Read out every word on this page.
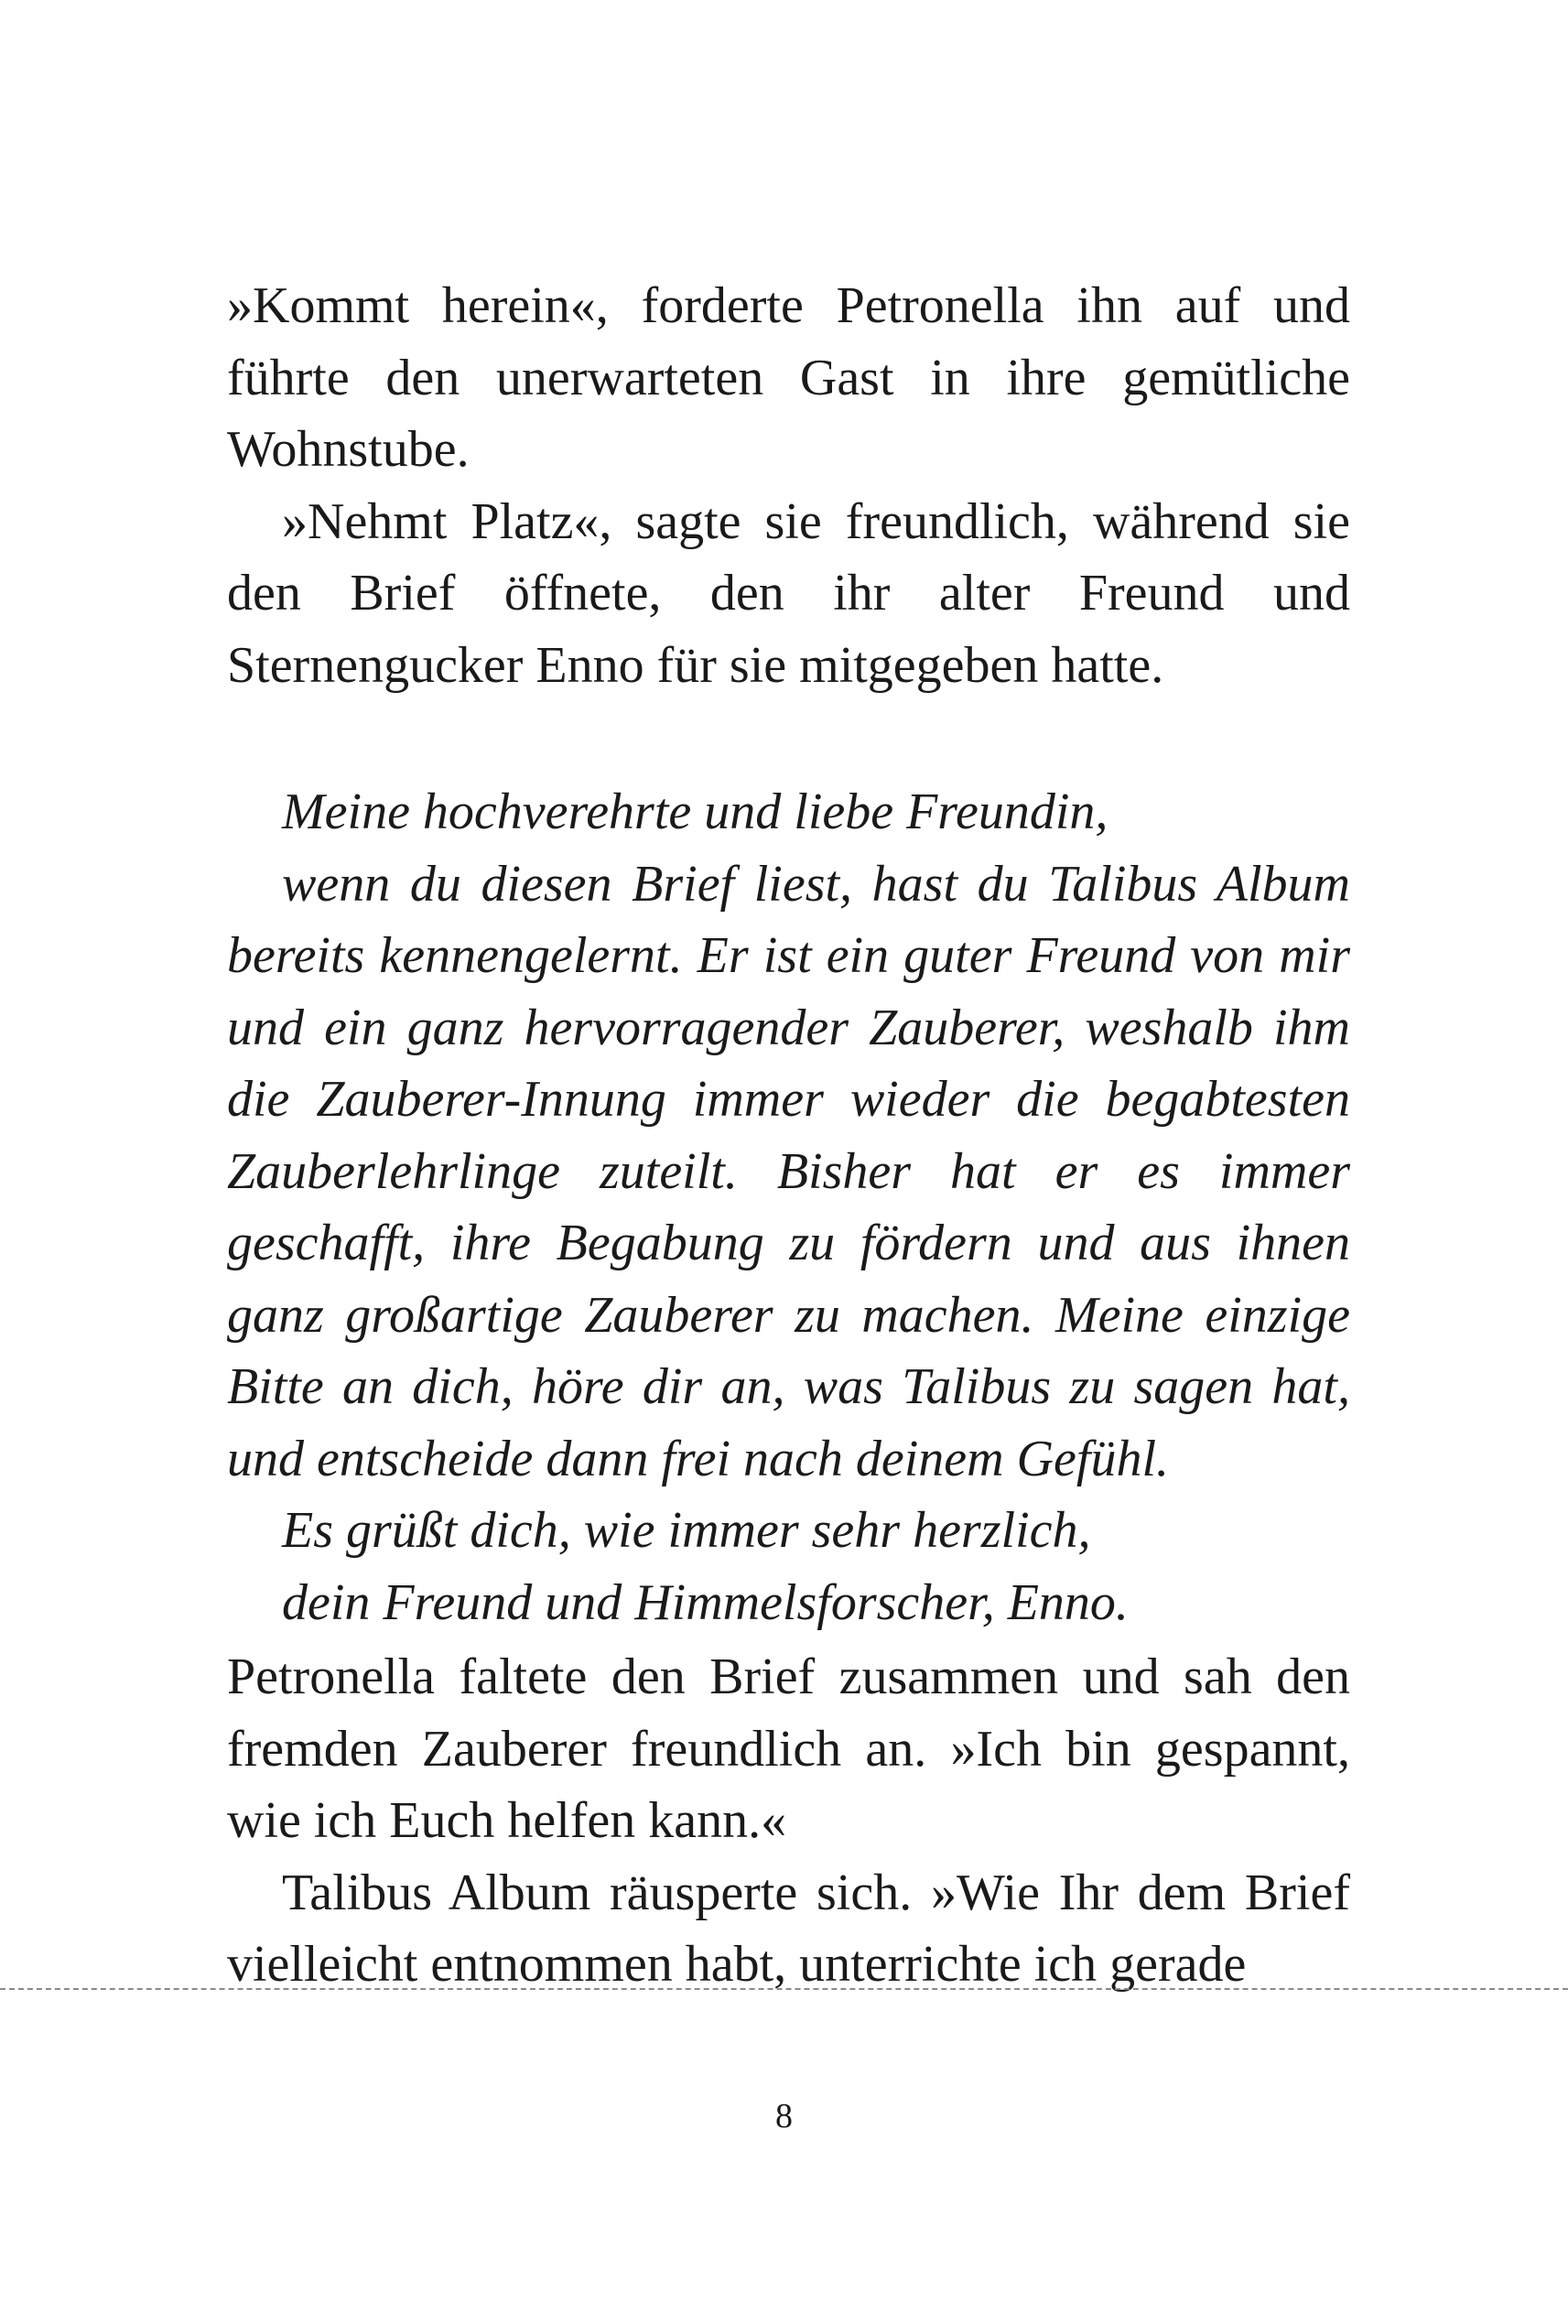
»Kommt herein«, forderte Petronella ihn auf und führte den unerwarteten Gast in ihre gemütliche Wohnstube.

»Nehmt Platz«, sagte sie freundlich, während sie den Brief öffnete, den ihr alter Freund und Sternengucker Enno für sie mitgegeben hatte.

Meine hochverehrte und liebe Freundin,

wenn du diesen Brief liest, hast du Talibus Album bereits kennengelernt. Er ist ein guter Freund von mir und ein ganz hervorragender Zauberer, weshalb ihm die Zauberer-Innung immer wieder die begabtesten Zauberlehrlinge zuteilt. Bisher hat er es immer geschafft, ihre Begabung zu fördern und aus ihnen ganz großartige Zauberer zu machen. Meine einzige Bitte an dich, höre dir an, was Talibus zu sagen hat, und entscheide dann frei nach deinem Gefühl.

Es grüßt dich, wie immer sehr herzlich,

dein Freund und Himmelsforscher, Enno.

Petronella faltete den Brief zusammen und sah den fremden Zauberer freundlich an. »Ich bin gespannt, wie ich Euch helfen kann.«

Talibus Album räusperte sich. »Wie Ihr dem Brief vielleicht entnommen habt, unterrichte ich gerade

8
